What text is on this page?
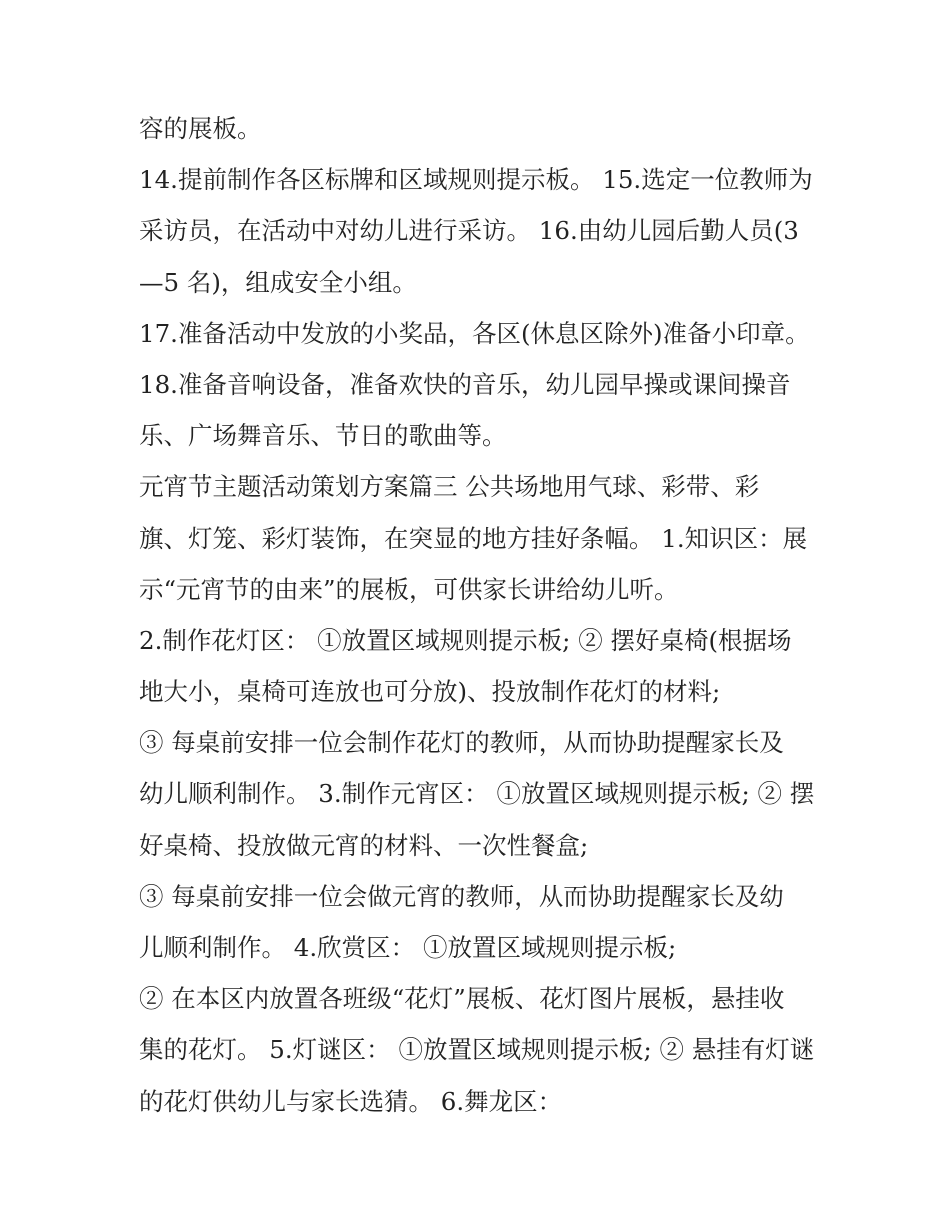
容的展板。
14.提前制作各区标牌和区域规则提示板。 15.选定一位教师为
采访员，在活动中对幼儿进行采访。 16.由幼儿园后勤人员(3
—5 名)，组成安全小组。
17.准备活动中发放的小奖品，各区(休息区除外)准备小印章。
18.准备音响设备，准备欢快的音乐，幼儿园早操或课间操音
乐、广场舞音乐、节日的歌曲等。
元宵节主题活动策划方案篇三 公共场地用气球、彩带、彩
旗、灯笼、彩灯装饰，在突显的地方挂好条幅。 1.知识区：展
示“元宵节的由来”的展板，可供家长讲给幼儿听。
2.制作花灯区： ①放置区域规则提示板; ② 摆好桌椅(根据场
地大小，桌椅可连放也可分放)、投放制作花灯的材料;
③ 每桌前安排一位会制作花灯的教师，从而协助提醒家长及
幼儿顺利制作。 3.制作元宵区： ①放置区域规则提示板; ② 摆
好桌椅、投放做元宵的材料、一次性餐盒;
③ 每桌前安排一位会做元宵的教师，从而协助提醒家长及幼
儿顺利制作。 4.欣赏区： ①放置区域规则提示板;
② 在本区内放置各班级“花灯”展板、花灯图片展板，悬挂收
集的花灯。 5.灯谜区： ①放置区域规则提示板; ② 悬挂有灯谜
的花灯供幼儿与家长选猜。 6.舞龙区：
